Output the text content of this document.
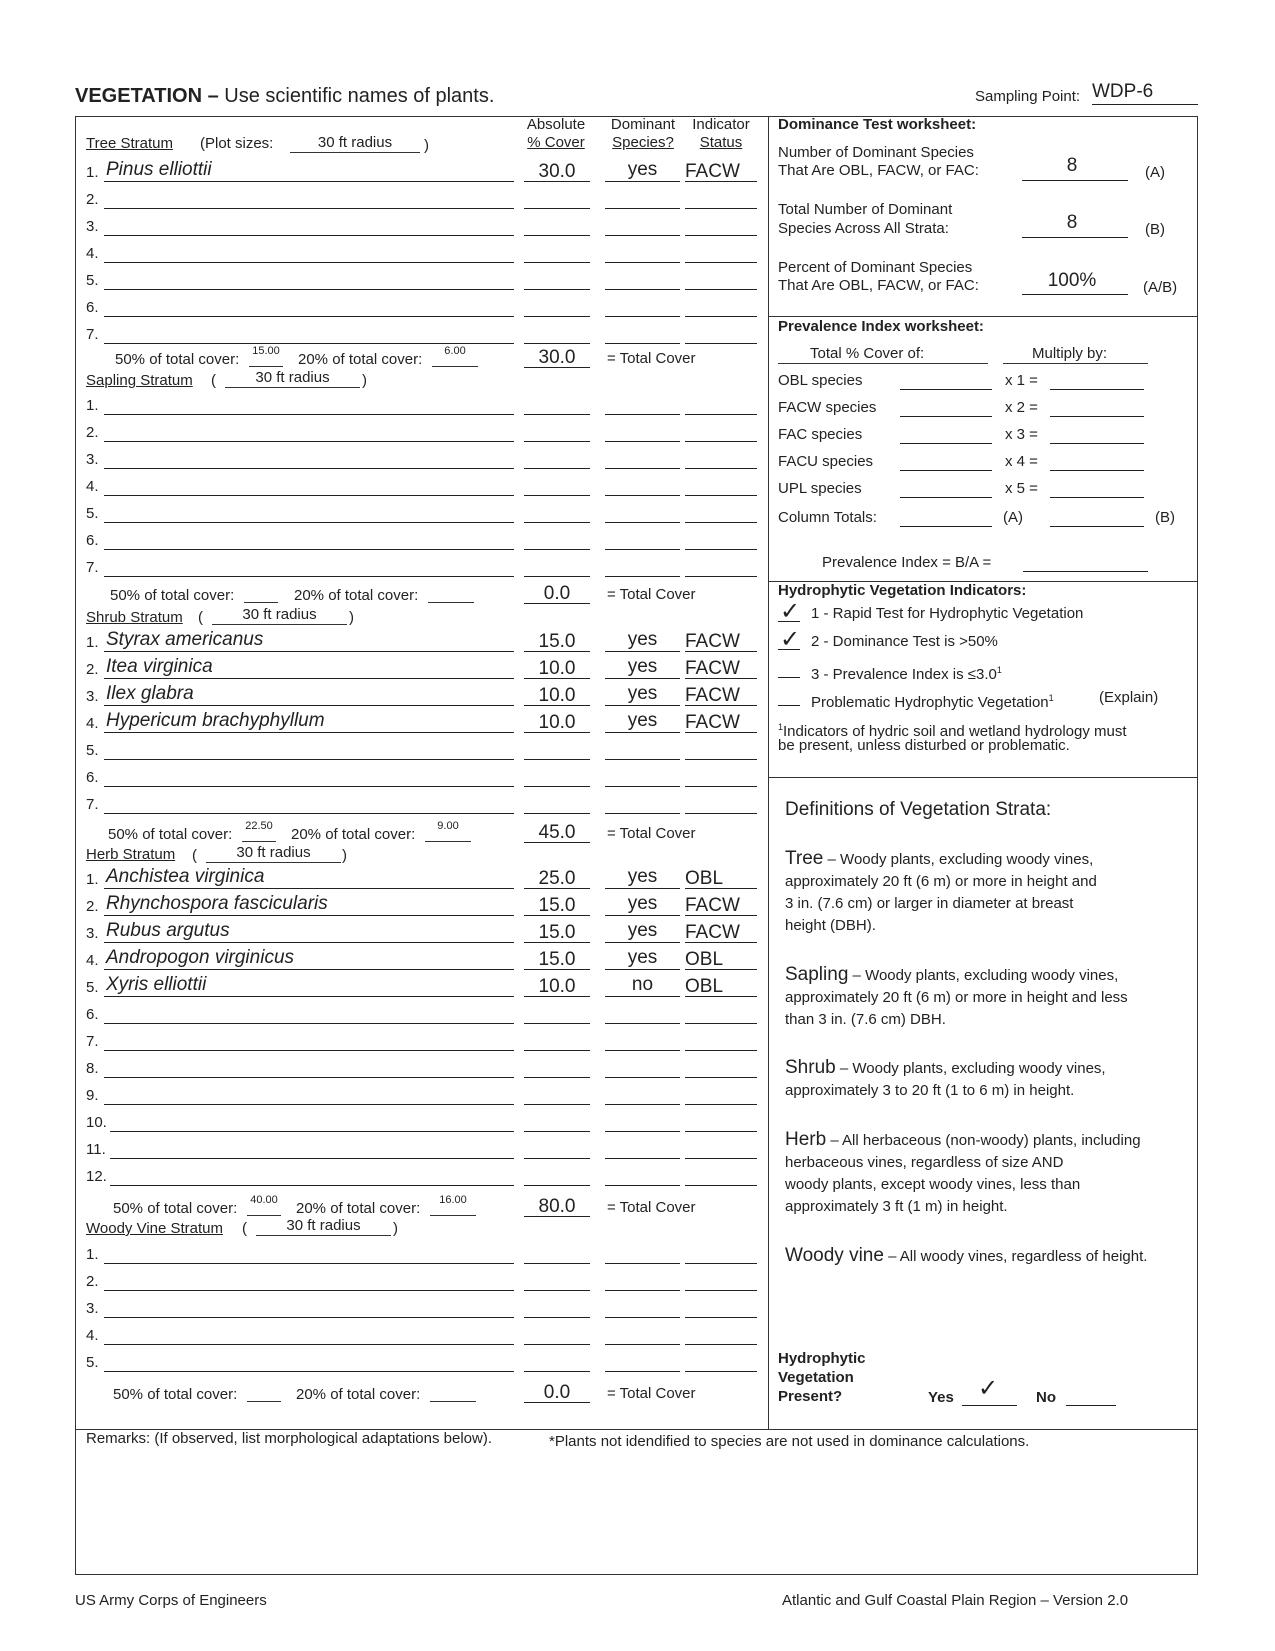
VEGETATION – Use scientific names of plants.	Sampling Point: WDP-6
Absolute
% Cover
Dominant
Species?
Indicator
Status
Tree Stratum (Plot sizes:	30 ft radius	)
1. Pinus elliottii	30.0	yes	FACW
2.
3.
4.
5.
6.
7.
50% of total cover: 15.00 20% of total cover:	6.00	30.0	= Total Cover
Sapling Stratum (	30 ft radius	)
1.
2.
3.
4.
5.
6.
7.
50% of total cover:	20% of total cover:	0.0	= Total Cover
Shrub Stratum (	30 ft radius	)
1. Styrax americanus	15.0	yes	FACW
2. Itea virginica	10.0	yes	FACW
3. Ilex glabra	10.0	yes	FACW
4. Hypericum brachyphyllum	10.0	yes	FACW
5.
6.
7.
50% of total cover: 22.50 20% of total cover:	9.00	45.0	= Total Cover
Herb Stratum (	30 ft radius	)
1. Anchistea virginica	25.0	yes	OBL
2. Rhynchospora fascicularis	15.0	yes	FACW
3. Rubus argutus	15.0	yes	FACW
4. Andropogon virginicus	15.0	yes	OBL
5. Xyris elliottii	10.0	no	OBL
6.
7.
8.
9.
10.
11.
12.
50% of total cover: 40.00 20% of total cover:	16.00	80.0	= Total Cover
Woody Vine Stratum (	30 ft radius	)
1.
2.
3.
4.
5.
50% of total cover:	20% of total cover:	0.0	= Total Cover
Dominance Test worksheet:
Number of Dominant Species
That Are OBL, FACW, or FAC:	8	(A)
Total Number of Dominant
Species Across All Strata:	8	(B)
Percent of Dominant Species
That Are OBL, FACW, or FAC:	100%	(A/B)
Prevalence Index worksheet:
Total % Cover of:	Multiply by:
OBL species	x 1 =
FACW species	x 2 =
FAC species	x 3 =
FACU species	x 4 =
UPL species	x 5 =
Column Totals:	(A)	(B)
Prevalence Index = B/A =
Hydrophytic Vegetation Indicators:
✓ 1 - Rapid Test for Hydrophytic Vegetation
✓ 2 - Dominance Test is >50%
3 - Prevalence Index is $\le 3.0^1$
Problematic Hydrophytic Vegetation$^1$	(Explain)
$^1$Indicators of hydric soil and wetland hydrology must
be present, unless disturbed or problematic.
Definitions of Vegetation Strata:
Tree – Woody plants, excluding woody vines,
approximately 20 ft (6 m) or more in height and
3 in. (7.6 cm) or larger in diameter at breast
height (DBH).
Sapling – Woody plants, excluding woody vines,
approximately 20 ft (6 m) or more in height and less
than 3 in. (7.6 cm) DBH.
Shrub – Woody plants, excluding woody vines,
approximately 3 to 20 ft (1 to 6 m) in height.
Herb – All herbaceous (non-woody) plants, including
herbaceous vines, regardless of size AND
woody plants, except woody vines, less than
approximately 3 ft (1 m) in height.
Woody vine – All woody vines, regardless of height.
Hydrophytic
Vegetation
Present?	Yes ✓	No
Remarks: (If observed, list morphological adaptations below).	*Plants not idendified to species are not used in dominance calculations.
US Army Corps of Engineers	Atlantic and Gulf Coastal Plain Region – Version 2.0
